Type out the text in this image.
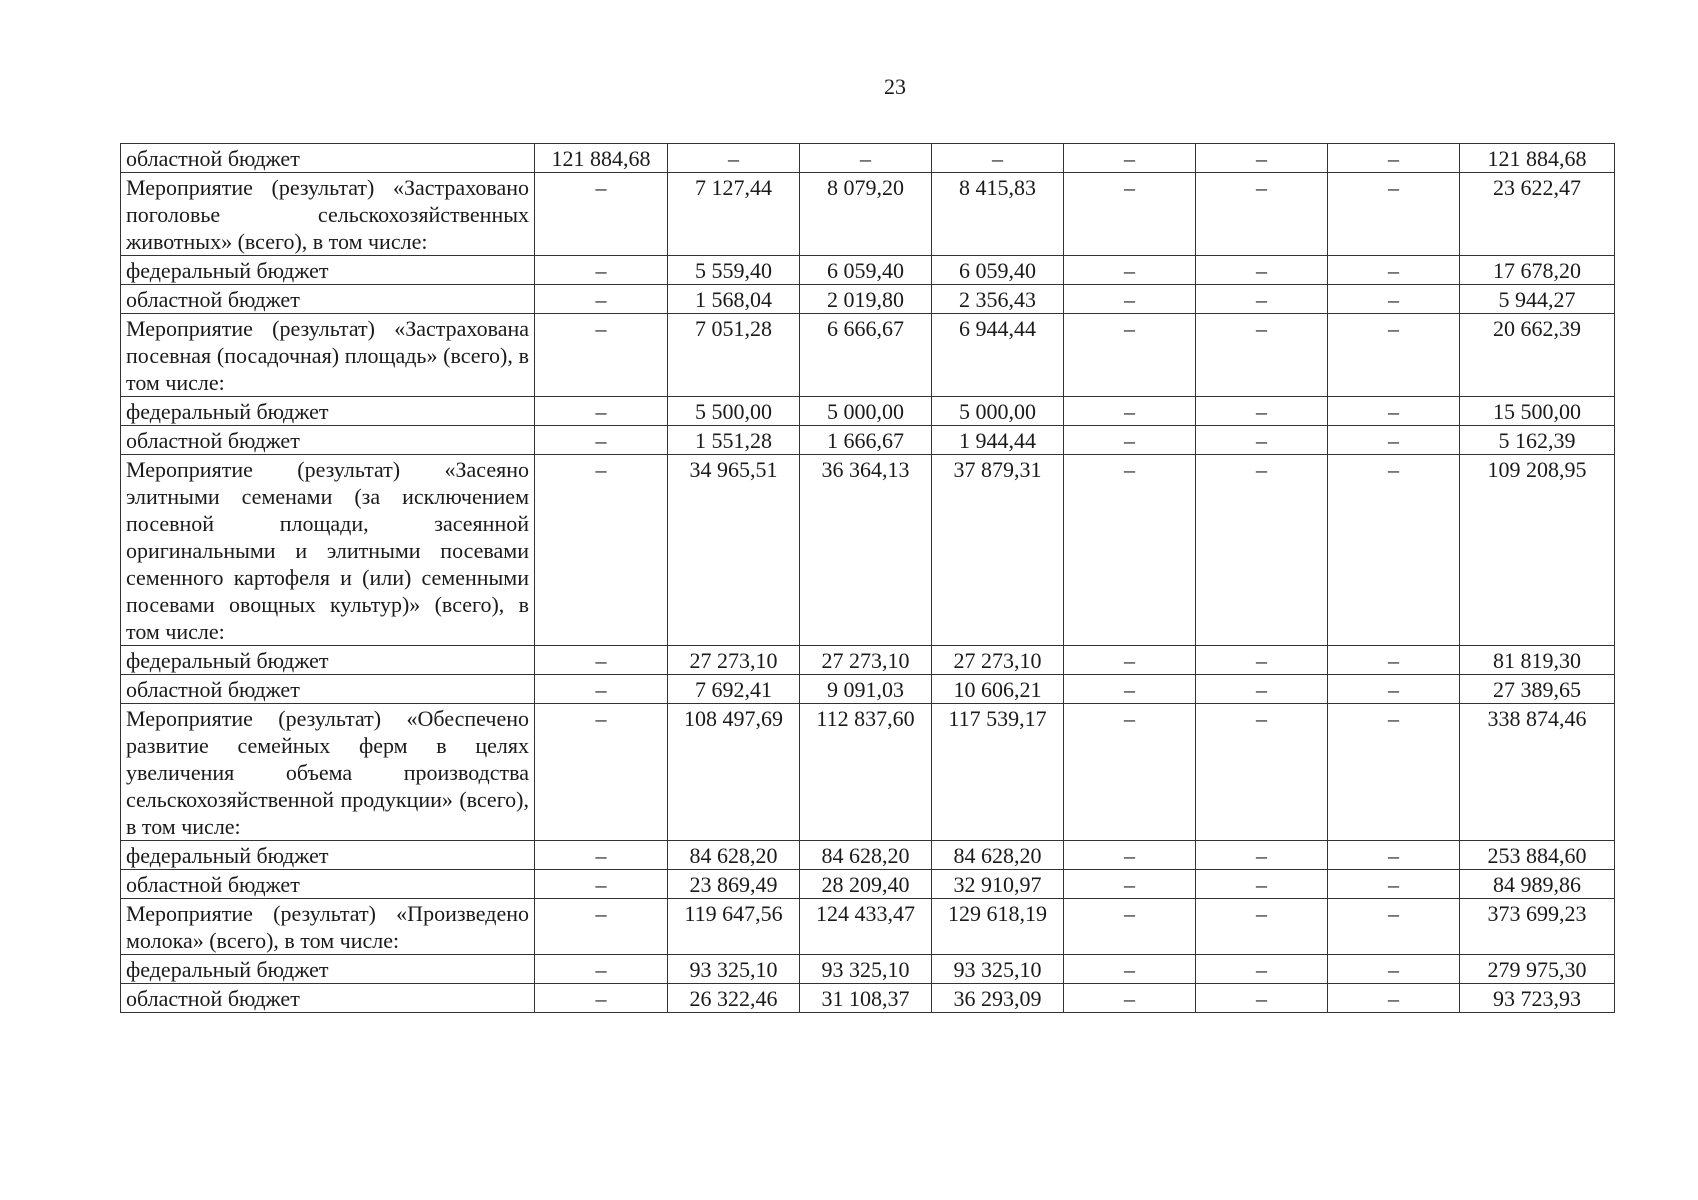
23
областной бюджет	121 884,68	–	–	–	–	–	–	121 884,68
Мероприятие (результат) «Застраховано поголовье сельскохозяйственных животных» (всего), в том числе:	–	7 127,44	8 079,20	8 415,83	–	–	–	23 622,47
федеральный бюджет	–	5 559,40	6 059,40	6 059,40	–	–	–	17 678,20
областной бюджет	–	1 568,04	2 019,80	2 356,43	–	–	–	5 944,27
Мероприятие (результат) «Застрахована посевная (посадочная) площадь» (всего), в том числе:	–	7 051,28	6 666,67	6 944,44	–	–	–	20 662,39
федеральный бюджет	–	5 500,00	5 000,00	5 000,00	–	–	–	15 500,00
областной бюджет	–	1 551,28	1 666,67	1 944,44	–	–	–	5 162,39
Мероприятие (результат) «Засеяно элитными семенами (за исключением посевной площади, засеянной оригинальными и элитными посевами семенного картофеля и (или) семенными посевами овощных культур)» (всего), в том числе:	–	34 965,51	36 364,13	37 879,31	–	–	–	109 208,95
федеральный бюджет	–	27 273,10	27 273,10	27 273,10	–	–	–	81 819,30
областной бюджет	–	7 692,41	9 091,03	10 606,21	–	–	–	27 389,65
Мероприятие (результат) «Обеспечено развитие семейных ферм в целях увеличения объема производства сельскохозяйственной продукции» (всего), в том числе:	–	108 497,69	112 837,60	117 539,17	–	–	–	338 874,46
федеральный бюджет	–	84 628,20	84 628,20	84 628,20	–	–	–	253 884,60
областной бюджет	–	23 869,49	28 209,40	32 910,97	–	–	–	84 989,86
Мероприятие (результат) «Произведено молока» (всего), в том числе:	–	119 647,56	124 433,47	129 618,19	–	–	–	373 699,23
федеральный бюджет	–	93 325,10	93 325,10	93 325,10	–	–	–	279 975,30
областной бюджет	–	26 322,46	31 108,37	36 293,09	–	–	–	93 723,93
